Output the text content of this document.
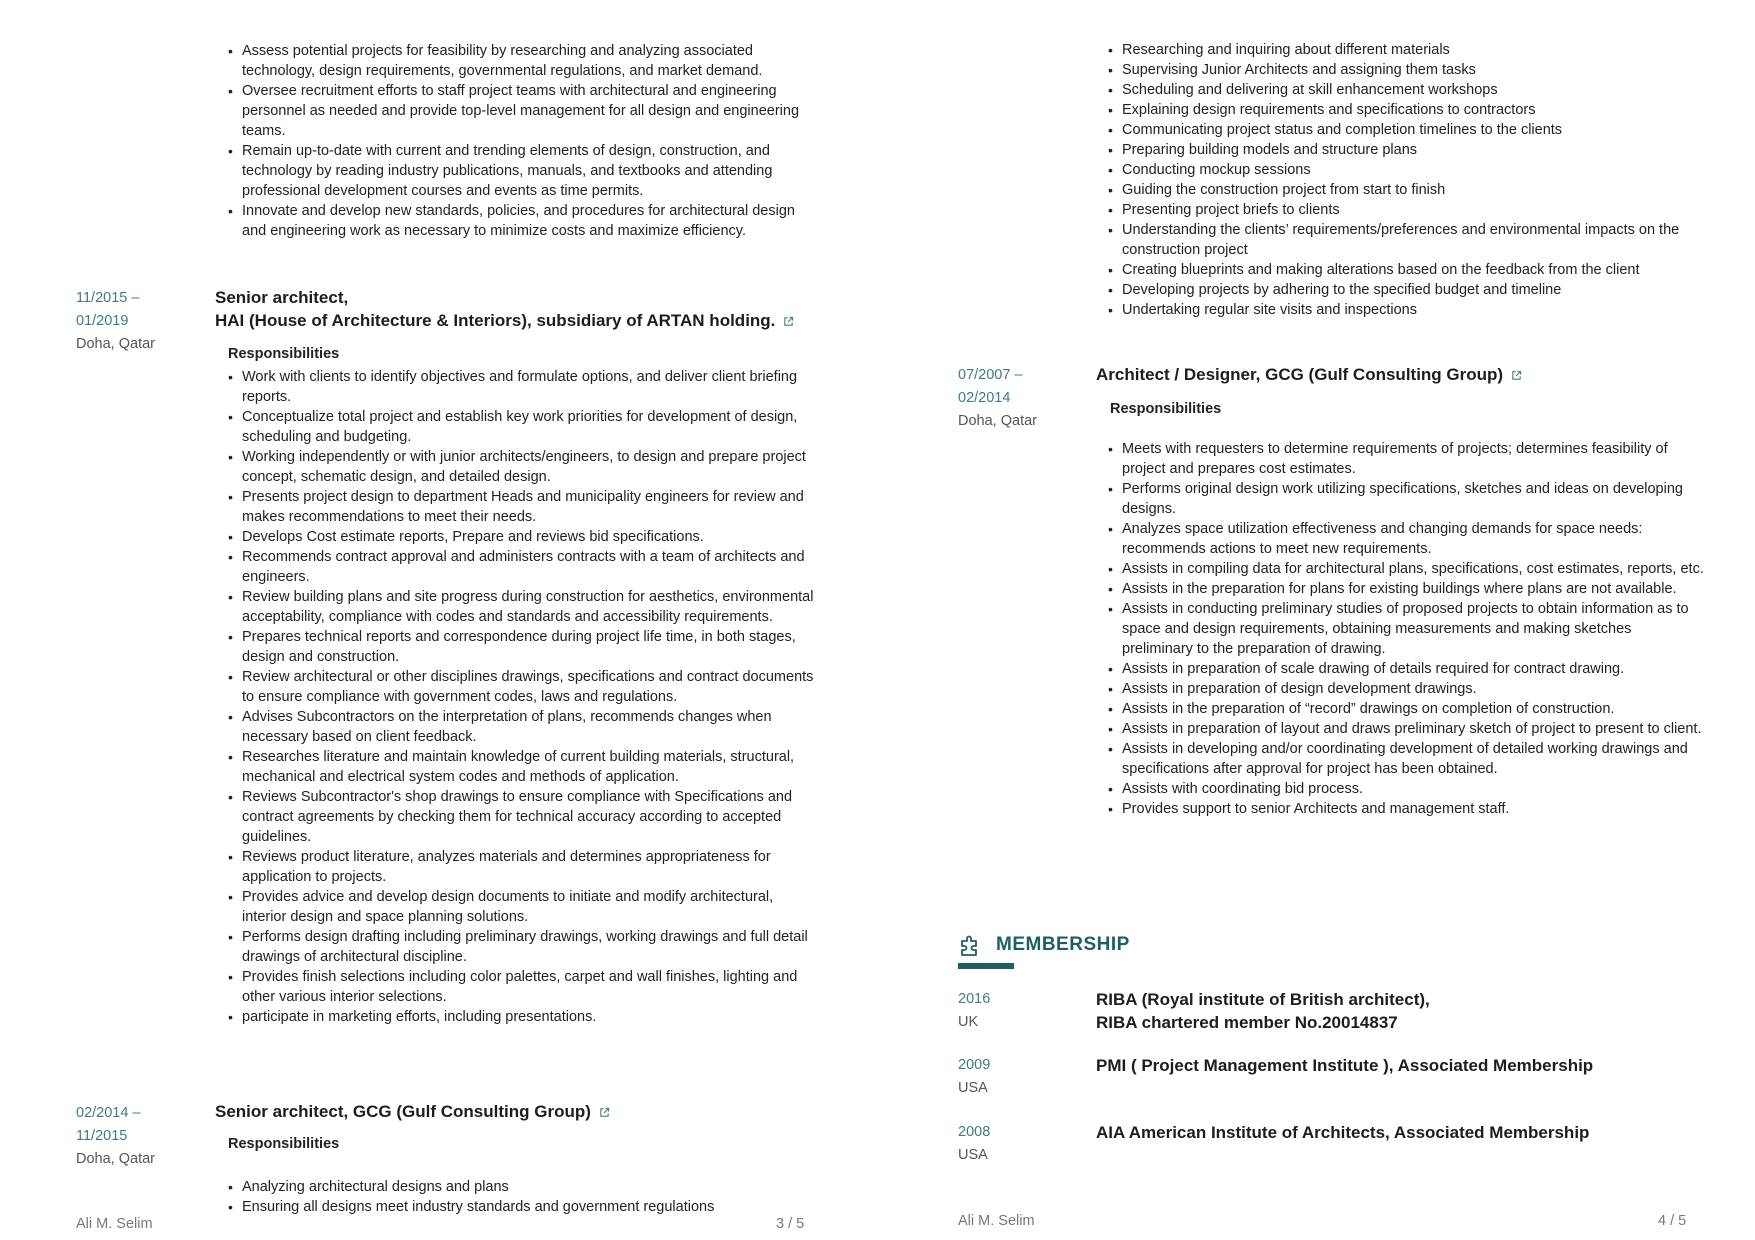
• Assess potential projects for feasibility by researching and analyzing associated technology, design requirements, governmental regulations, and market demand.
• Oversee recruitment efforts to staff project teams with architectural and engineering personnel as needed and provide top-level management for all design and engineering teams.
• Remain up-to-date with current and trending elements of design, construction, and technology by reading industry publications, manuals, and textbooks and attending professional development courses and events as time permits.
• Innovate and develop new standards, policies, and procedures for architectural design and engineering work as necessary to minimize costs and maximize efficiency.
11/2015 –
01/2019
Doha, Qatar
Senior architect,
HAI (House of Architecture & Interiors), subsidiary of ARTAN holding.
Responsibilities
• Work with clients to identify objectives and formulate options, and deliver client briefing reports.
• Conceptualize total project and establish key work priorities for development of design, scheduling and budgeting.
• Working independently or with junior architects/engineers, to design and prepare project concept, schematic design, and detailed design.
• Presents project design to department Heads and municipality engineers for review and makes recommendations to meet their needs.
• Develops Cost estimate reports, Prepare and reviews bid specifications.
• Recommends contract approval and administers contracts with a team of architects and engineers.
• Review building plans and site progress during construction for aesthetics, environmental acceptability, compliance with codes and standards and accessibility requirements.
• Prepares technical reports and correspondence during project life time, in both stages, design and construction.
• Review architectural or other disciplines drawings, specifications and contract documents to ensure compliance with government codes, laws and regulations.
• Advises Subcontractors on the interpretation of plans, recommends changes when necessary based on client feedback.
• Researches literature and maintain knowledge of current building materials, structural, mechanical and electrical system codes and methods of application.
• Reviews Subcontractor's shop drawings to ensure compliance with Specifications and contract agreements by checking them for technical accuracy according to accepted guidelines.
• Reviews product literature, analyzes materials and determines appropriateness for application to projects.
• Provides advice and develop design documents to initiate and modify architectural, interior design and space planning solutions.
• Performs design drafting including preliminary drawings, working drawings and full detail drawings of architectural discipline.
• Provides finish selections including color palettes, carpet and wall finishes, lighting and other various interior selections.
• participate in marketing efforts, including presentations.
02/2014 –
11/2015
Doha, Qatar
Senior architect, GCG (Gulf Consulting Group)
Responsibilities
• Analyzing architectural designs and plans
• Ensuring all designs meet industry standards and government regulations
Ali M. Selim	3 / 5
• Researching and inquiring about different materials
• Supervising Junior Architects and assigning them tasks
• Scheduling and delivering at skill enhancement workshops
• Explaining design requirements and specifications to contractors
• Communicating project status and completion timelines to the clients
• Preparing building models and structure plans
• Conducting mockup sessions
• Guiding the construction project from start to finish
• Presenting project briefs to clients
• Understanding the clients’ requirements/preferences and environmental impacts on the construction project
• Creating blueprints and making alterations based on the feedback from the client
• Developing projects by adhering to the specified budget and timeline
• Undertaking regular site visits and inspections
07/2007 –
02/2014
Doha, Qatar
Architect / Designer, GCG (Gulf Consulting Group)
Responsibilities
• Meets with requesters to determine requirements of projects; determines feasibility of project and prepares cost estimates.
• Performs original design work utilizing specifications, sketches and ideas on developing designs.
• Analyzes space utilization effectiveness and changing demands for space needs: recommends actions to meet new requirements.
• Assists in compiling data for architectural plans, specifications, cost estimates, reports, etc.
• Assists in the preparation for plans for existing buildings where plans are not available.
• Assists in conducting preliminary studies of proposed projects to obtain information as to space and design requirements, obtaining measurements and making sketches preliminary to the preparation of drawing.
• Assists in preparation of scale drawing of details required for contract drawing.
• Assists in preparation of design development drawings.
• Assists in the preparation of “record” drawings on completion of construction.
• Assists in preparation of layout and draws preliminary sketch of project to present to client.
• Assists in developing and/or coordinating development of detailed working drawings and specifications after approval for project has been obtained.
• Assists with coordinating bid process.
• Provides support to senior Architects and management staff.
MEMBERSHIP
2016
UK
RIBA (Royal institute of British architect),
RIBA chartered member No.20014837
2009
USA
PMI ( Project Management Institute ), Associated Membership
2008
USA
AIA American Institute of Architects, Associated Membership
Ali M. Selim	4 / 5
